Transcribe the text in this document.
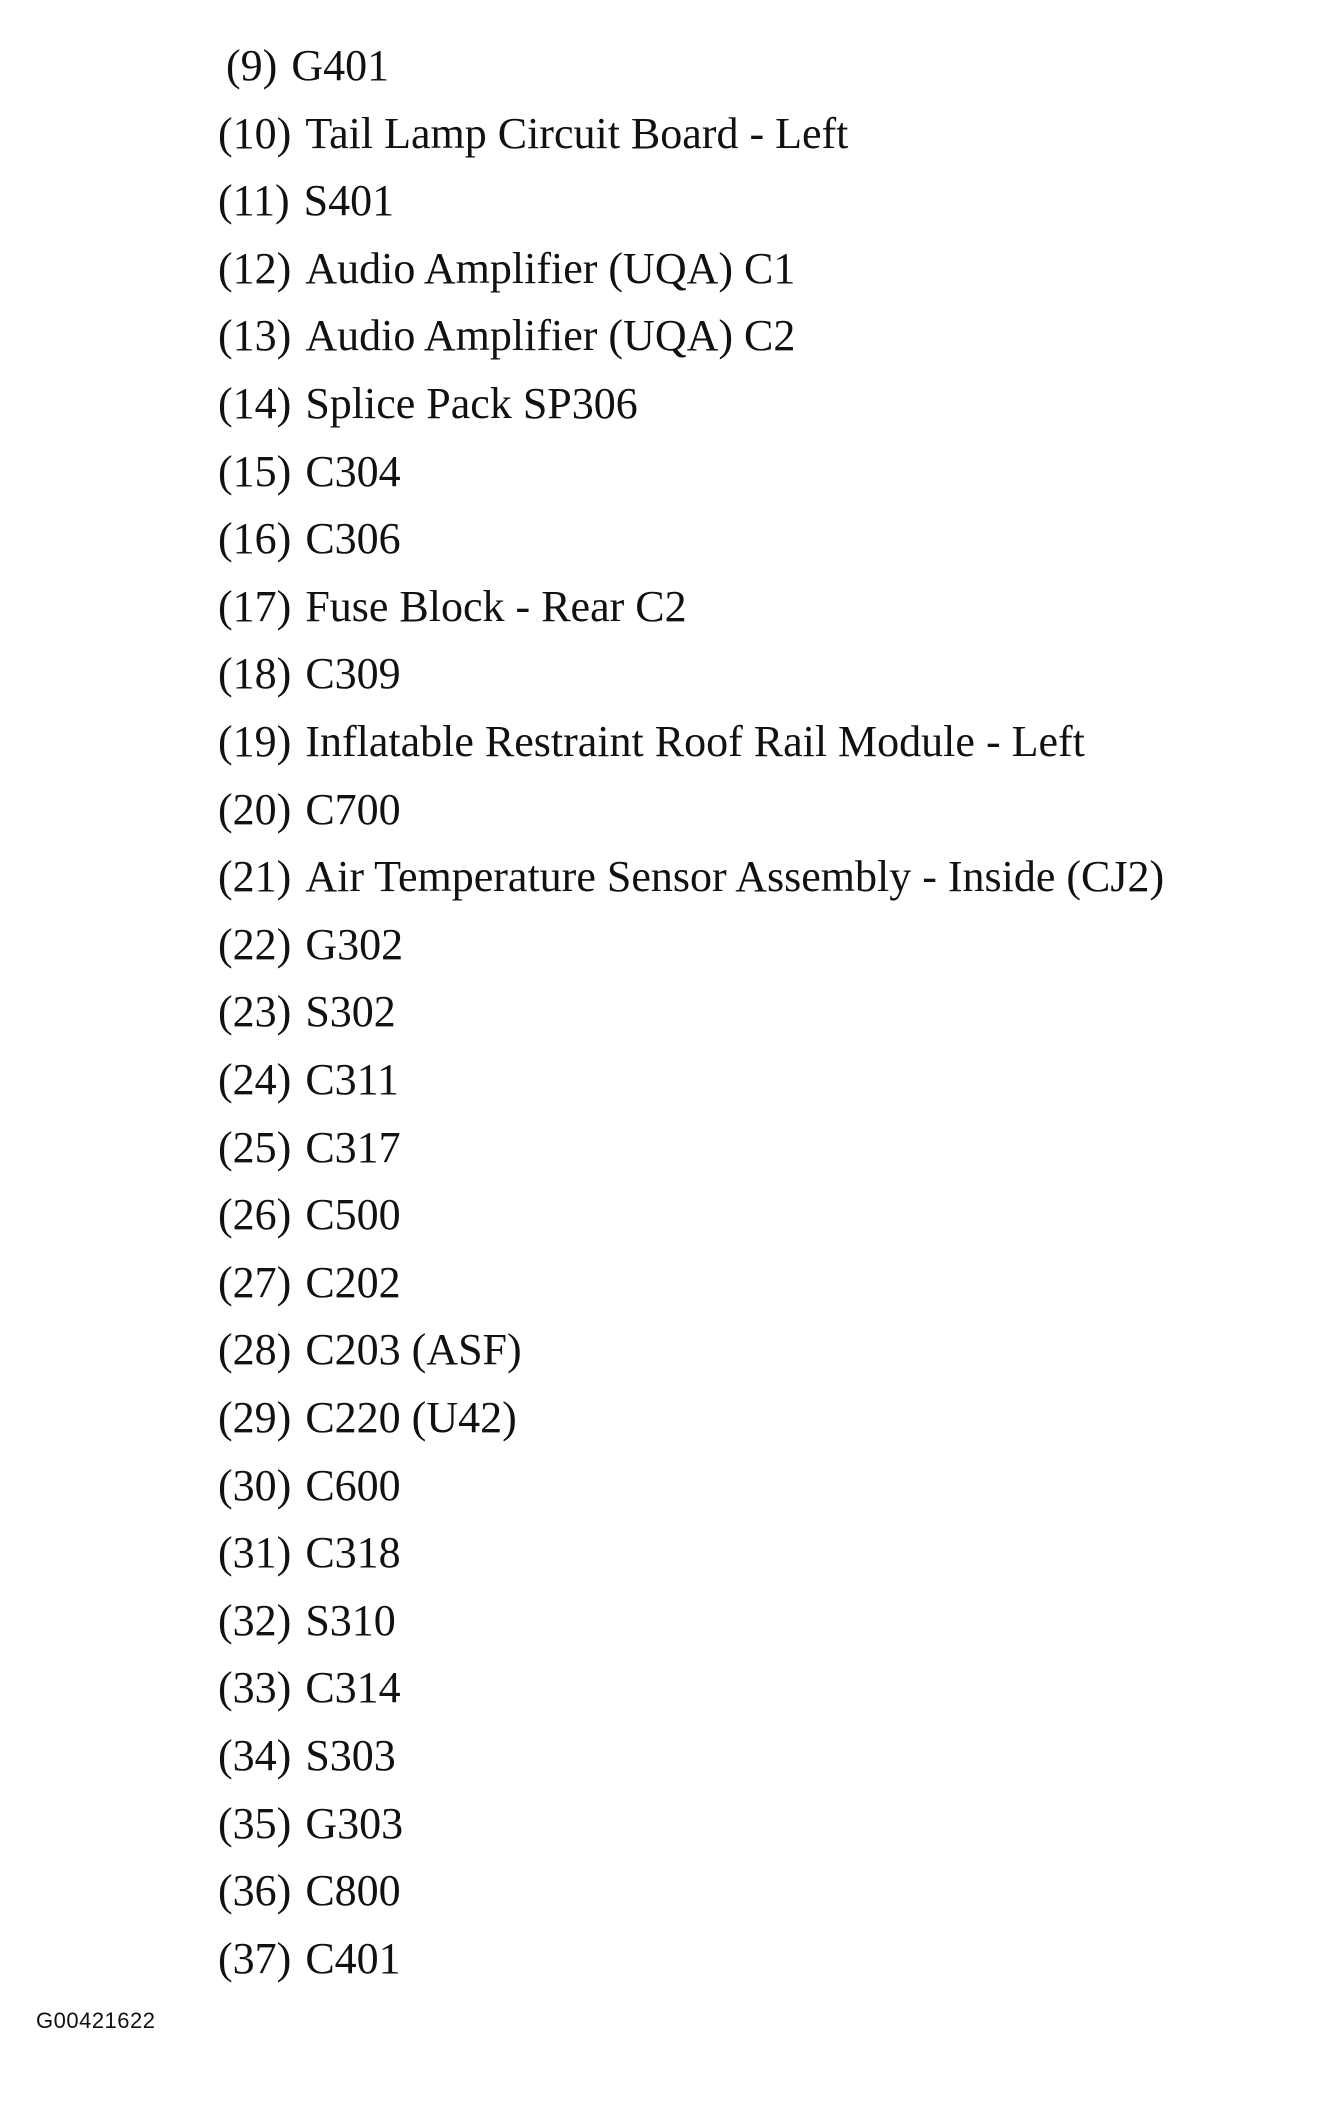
(9) G401
(10) Tail Lamp Circuit Board - Left
(11) S401
(12) Audio Amplifier (UQA) C1
(13) Audio Amplifier (UQA) C2
(14) Splice Pack SP306
(15) C304
(16) C306
(17) Fuse Block - Rear C2
(18) C309
(19) Inflatable Restraint Roof Rail Module - Left
(20) C700
(21) Air Temperature Sensor Assembly - Inside (CJ2)
(22) G302
(23) S302
(24) C311
(25) C317
(26) C500
(27) C202
(28) C203 (ASF)
(29) C220 (U42)
(30) C600
(31) C318
(32) S310
(33) C314
(34) S303
(35) G303
(36) C800
(37) C401
G00421622
